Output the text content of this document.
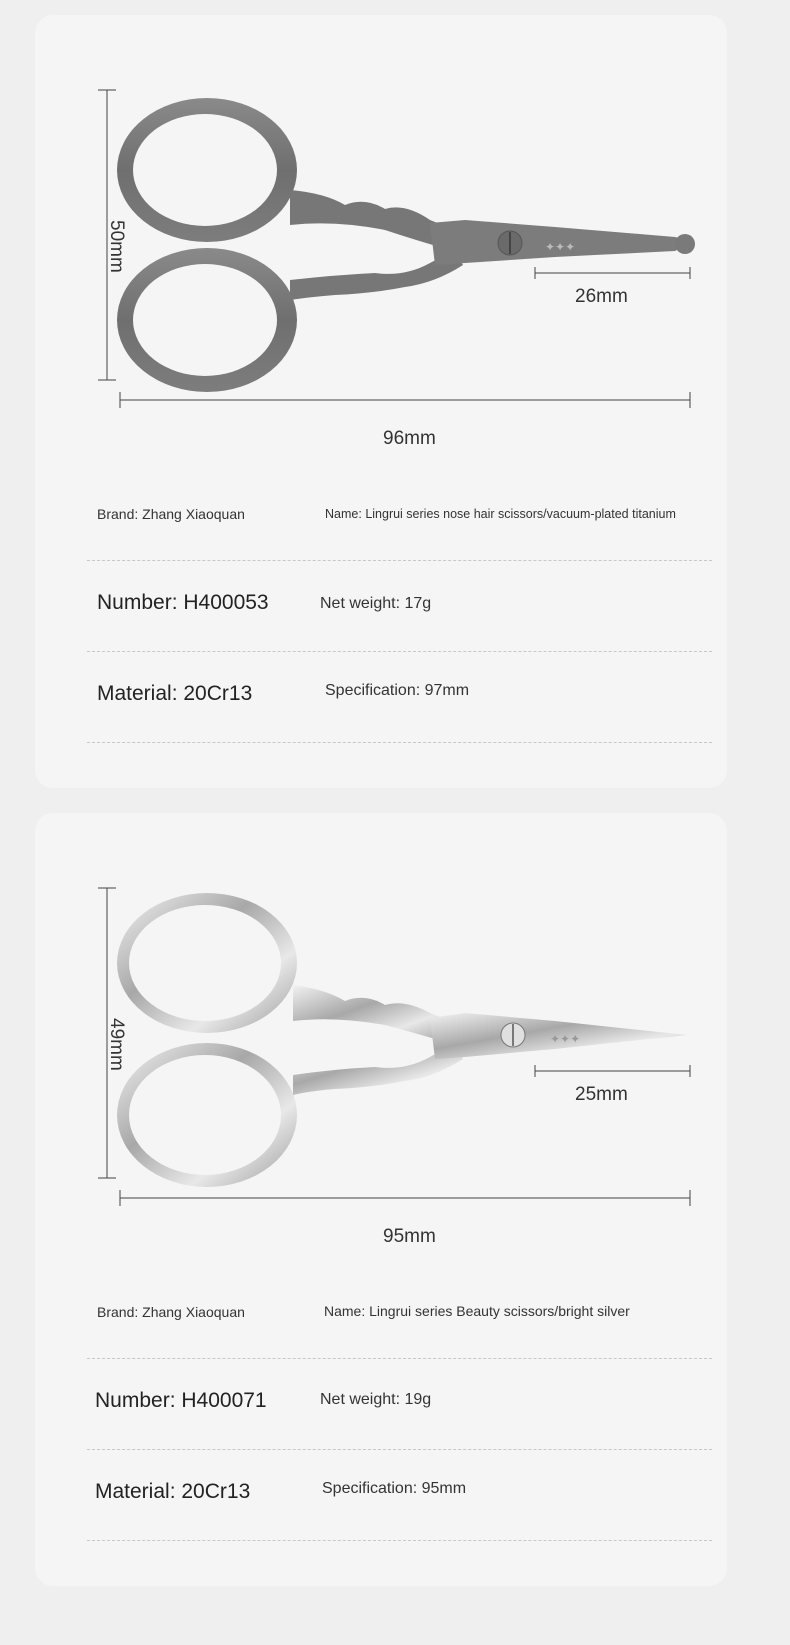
✦✦✦
50mm
26mm
96mm
Brand: Zhang Xiaoquan	Name: Lingrui series nose hair scissors/vacuum-plated titanium
Number: H400053	Net weight: 17g
Material: 20Cr13	Specification: 97mm
✦✦✦
49mm
25mm
95mm
Brand: Zhang Xiaoquan	Name: Lingrui series Beauty scissors/bright silver
Number: H400071	Net weight: 19g
Material: 20Cr13	Specification: 95mm
